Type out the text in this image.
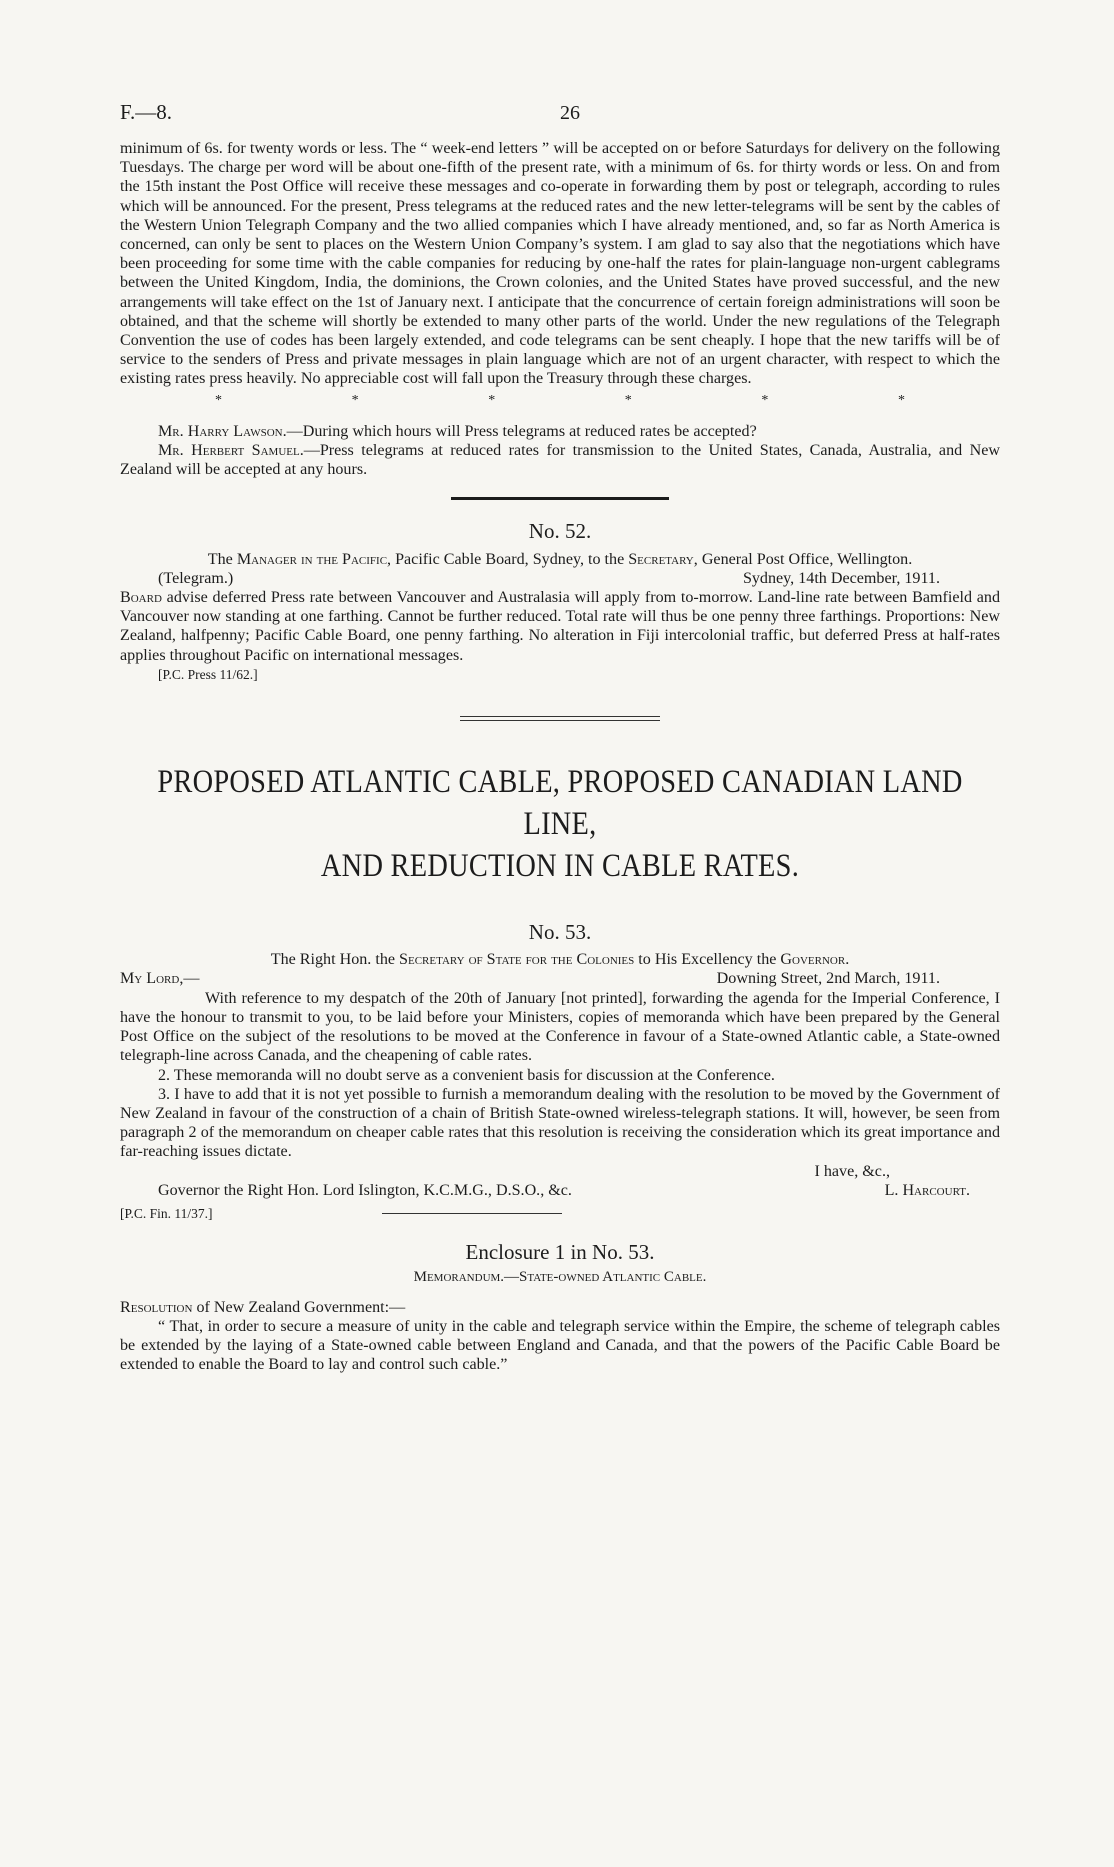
F.—8.	26

minimum of 6s. for twenty words or less. The “ week-end letters ” will be accepted on or before Saturdays for delivery on the following Tuesdays. The charge per word will be about one-fifth of the present rate, with a minimum of 6s. for thirty words or less. On and from the 15th instant the Post Office will receive these messages and co-operate in forwarding them by post or telegraph, according to rules which will be announced. For the present, Press telegrams at the reduced rates and the new letter-telegrams will be sent by the cables of the Western Union Telegraph Company and the two allied companies which I have already mentioned, and, so far as North America is concerned, can only be sent to places on the Western Union Company’s system. I am glad to say also that the negotiations which have been proceeding for some time with the cable companies for reducing by one-half the rates for plain-language non-urgent cablegrams between the United Kingdom, India, the dominions, the Crown colonies, and the United States have proved successful, and the new arrangements will take effect on the 1st of January next. I anticipate that the concurrence of certain foreign administrations will soon be obtained, and that the scheme will shortly be extended to many other parts of the world. Under the new regulations of the Telegraph Convention the use of codes has been largely extended, and code telegrams can be sent cheaply. I hope that the new tariffs will be of service to the senders of Press and private messages in plain language which are not of an urgent character, with respect to which the existing rates press heavily. No appreciable cost will fall upon the Treasury through these charges.

*	*	*	*	*	*

Mr. Harry Lawson.—During which hours will Press telegrams at reduced rates be accepted?

Mr. Herbert Samuel.—Press telegrams at reduced rates for transmission to the United States, Canada, Australia, and New Zealand will be accepted at any hours.

No. 52.

The Manager in the Pacific, Pacific Cable Board, Sydney, to the Secretary, General Post Office, Wellington.

(Telegram.)	Sydney, 14th December, 1911.

Board advise deferred Press rate between Vancouver and Australasia will apply from to-morrow. Land-line rate between Bamfield and Vancouver now standing at one farthing. Cannot be further reduced. Total rate will thus be one penny three farthings. Proportions: New Zealand, halfpenny; Pacific Cable Board, one penny farthing. No alteration in Fiji intercolonial traffic, but deferred Press at half-rates applies throughout Pacific on international messages.

[P.C. Press 11/62.]

PROPOSED ATLANTIC CABLE, PROPOSED CANADIAN LAND LINE,
AND REDUCTION IN CABLE RATES.
No. 53.

The Right Hon. the Secretary of State for the Colonies to His Excellency the Governor.

My Lord,—	Downing Street, 2nd March, 1911.

With reference to my despatch of the 20th of January [not printed], forwarding the agenda for the Imperial Conference, I have the honour to transmit to you, to be laid before your Ministers, copies of memoranda which have been prepared by the General Post Office on the subject of the resolutions to be moved at the Conference in favour of a State-owned Atlantic cable, a State-owned telegraph-line across Canada, and the cheapening of cable rates.

2. These memoranda will no doubt serve as a convenient basis for discussion at the Conference.

3. I have to add that it is not yet possible to furnish a memorandum dealing with the resolution to be moved by the Government of New Zealand in favour of the construction of a chain of British State-owned wireless-telegraph stations. It will, however, be seen from paragraph 2 of the memorandum on cheaper cable rates that this resolution is receiving the consideration which its great importance and far-reaching issues dictate.

I have, &c.,
Governor the Right Hon. Lord Islington, K.C.M.G., D.S.O., &c.	L. Harcourt.
[P.C. Fin. 11/37.]
Enclosure 1 in No. 53.
Memorandum.—State-owned Atlantic Cable.

Resolution of New Zealand Government:—

“ That, in order to secure a measure of unity in the cable and telegraph service within the Empire, the scheme of telegraph cables be extended by the laying of a State-owned cable between England and Canada, and that the powers of the Pacific Cable Board be extended to enable the Board to lay and control such cable.”
